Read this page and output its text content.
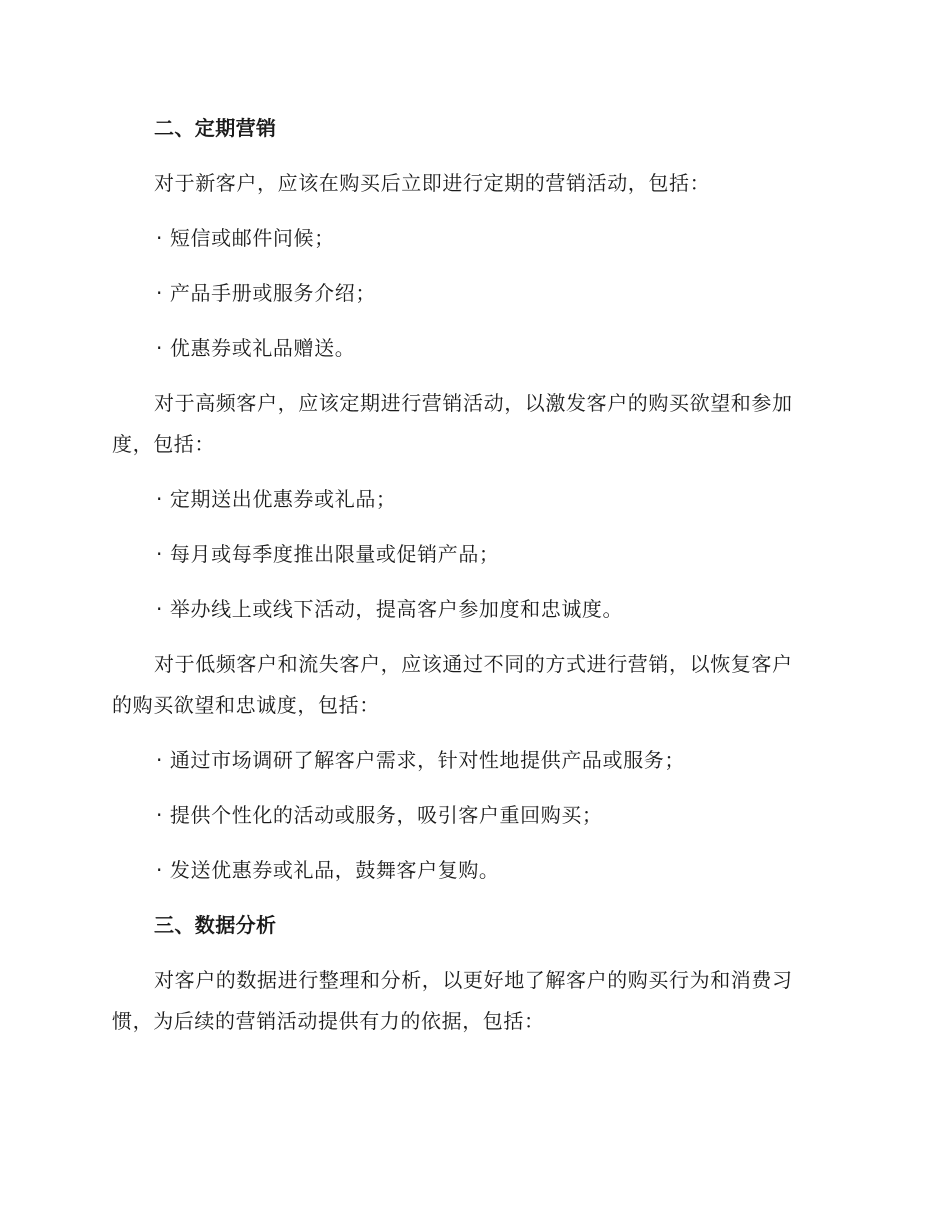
二、定期营销
对于新客户，应该在购买后立即进行定期的营销活动，包括：
· 短信或邮件问候；
· 产品手册或服务介绍；
· 优惠券或礼品赠送。
对于高频客户，应该定期进行营销活动，以激发客户的购买欲望和参加
度，包括：
· 定期送出优惠券或礼品；
· 每月或每季度推出限量或促销产品；
· 举办线上或线下活动，提高客户参加度和忠诚度。
对于低频客户和流失客户，应该通过不同的方式进行营销，以恢复客户
的购买欲望和忠诚度，包括：
· 通过市场调研了解客户需求，针对性地提供产品或服务；
· 提供个性化的活动或服务，吸引客户重回购买；
· 发送优惠券或礼品，鼓舞客户复购。
三、数据分析
对客户的数据进行整理和分析，以更好地了解客户的购买行为和消费习
惯，为后续的营销活动提供有力的依据，包括：
